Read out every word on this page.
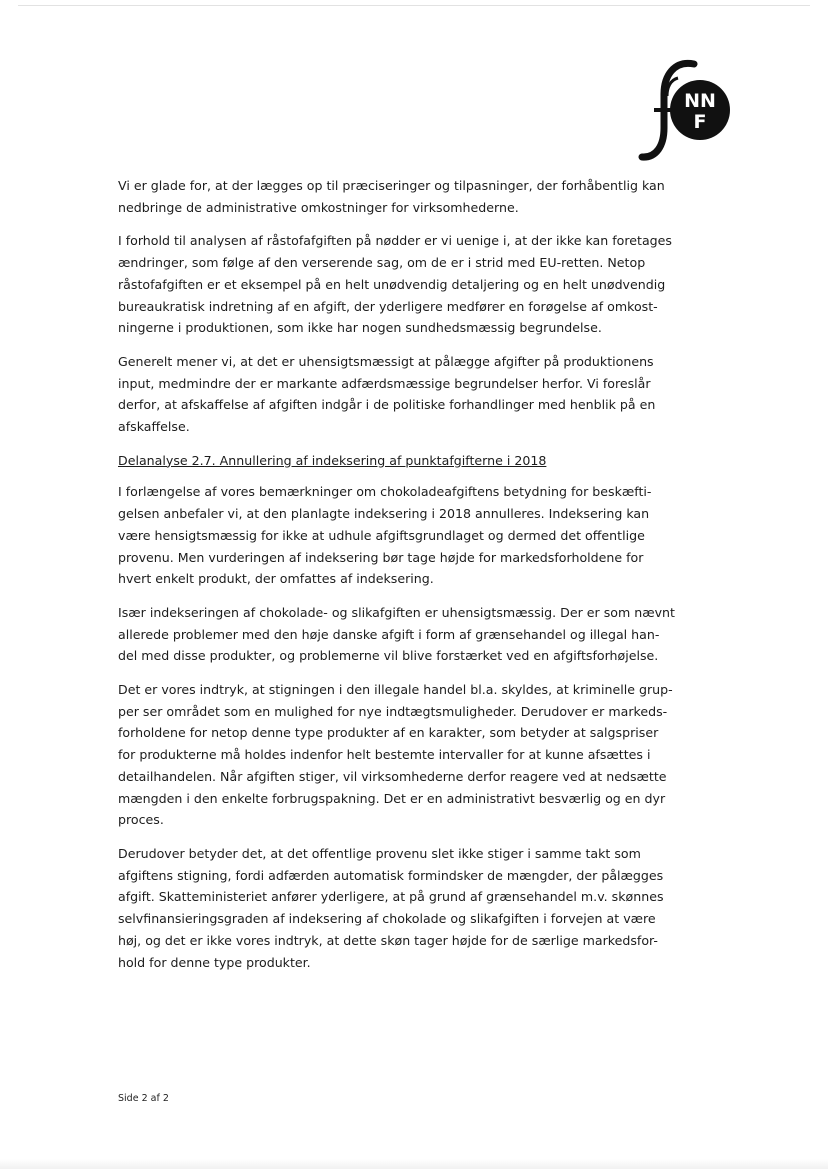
NN
F
Vi er glade for, at der lægges op til præciseringer og tilpasninger, der forhåbentlig kan
nedbringe de administrative omkostninger for virksomhederne.
I forhold til analysen af råstofafgiften på nødder er vi uenige i, at der ikke kan foretages
ændringer, som følge af den verserende sag, om de er i strid med EU-retten. Netop
råstofafgiften er et eksempel på en helt unødvendig detaljering og en helt unødvendig
bureaukratisk indretning af en afgift, der yderligere medfører en forøgelse af omkost-
ningerne i produktionen, som ikke har nogen sundhedsmæssig begrundelse.
Generelt mener vi, at det er uhensigtsmæssigt at pålægge afgifter på produktionens
input, medmindre der er markante adfærdsmæssige begrundelser herfor. Vi foreslår
derfor, at afskaffelse af afgiften indgår i de politiske forhandlinger med henblik på en
afskaffelse.
Delanalyse 2.7. Annullering af indeksering af punktafgifterne i 2018
I forlængelse af vores bemærkninger om chokoladeafgiftens betydning for beskæfti-
gelsen anbefaler vi, at den planlagte indeksering i 2018 annulleres. Indeksering kan
være hensigtsmæssig for ikke at udhule afgiftsgrundlaget og dermed det offentlige
provenu. Men vurderingen af indeksering bør tage højde for markedsforholdene for
hvert enkelt produkt, der omfattes af indeksering.
Især indekseringen af chokolade- og slikafgiften er uhensigtsmæssig. Der er som nævnt
allerede problemer med den høje danske afgift i form af grænsehandel og illegal han-
del med disse produkter, og problemerne vil blive forstærket ved en afgiftsforhøjelse.
Det er vores indtryk, at stigningen i den illegale handel bl.a. skyldes, at kriminelle grup-
per ser området som en mulighed for nye indtægtsmuligheder. Derudover er markeds-
forholdene for netop denne type produkter af en karakter, som betyder at salgspriser
for produkterne må holdes indenfor helt bestemte intervaller for at kunne afsættes i
detailhandelen. Når afgiften stiger, vil virksomhederne derfor reagere ved at nedsætte
mængden i den enkelte forbrugspakning. Det er en administrativt besværlig og en dyr
proces.
Derudover betyder det, at det offentlige provenu slet ikke stiger i samme takt som
afgiftens stigning, fordi adfærden automatisk formindsker de mængder, der pålægges
afgift. Skatteministeriet anfører yderligere, at på grund af grænsehandel m.v. skønnes
selvfinansieringsgraden af indeksering af chokolade og slikafgiften i forvejen at være
høj, og det er ikke vores indtryk, at dette skøn tager højde for de særlige markedsfor-
hold for denne type produkter.
Side 2 af 2
